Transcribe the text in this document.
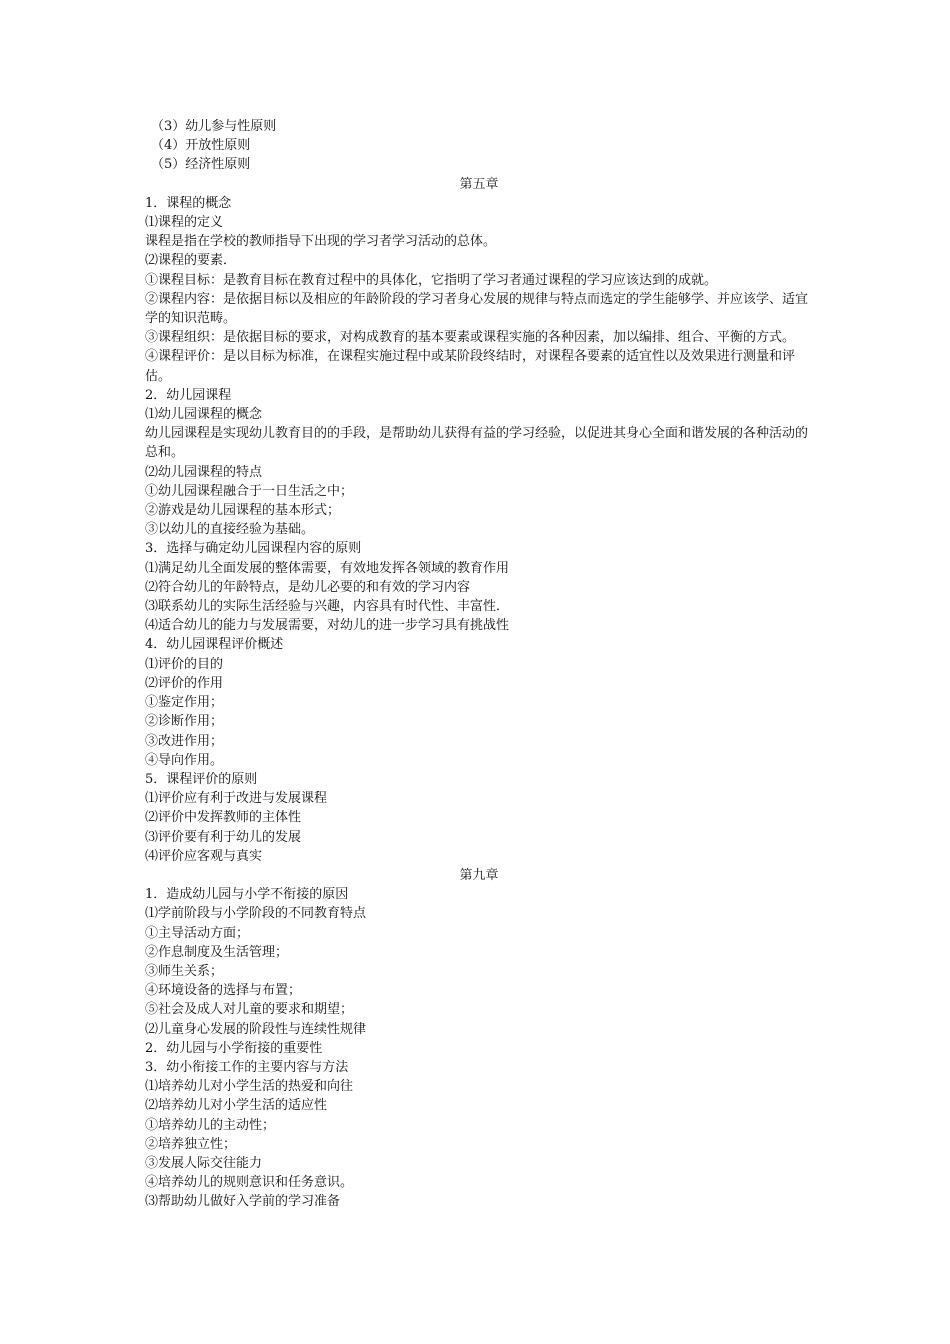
（3）幼儿参与性原则

（4）开放性原则

（5）经济性原则

第五章

1．课程的概念

⑴课程的定义

课程是指在学校的教师指导下出现的学习者学习活动的总体。

⑵课程的要素．

①课程目标：是教育目标在教育过程中的具体化，它指明了学习者通过课程的学习应该达到的成就。

②课程内容：是依据目标以及相应的年龄阶段的学习者身心发展的规律与特点而选定的学生能够学、并应该学、适宜学的知识范畴。

③课程组织：是依据目标的要求，对构成教育的基本要素或课程实施的各种因素，加以编排、组合、平衡的方式。

④课程评价：是以目标为标准，在课程实施过程中或某阶段终结时，对课程各要素的适宜性以及效果进行测量和评估。

2．幼儿园课程

⑴幼儿园课程的概念

幼儿园课程是实现幼儿教育目的的手段，是帮助幼儿获得有益的学习经验，以促进其身心全面和谐发展的各种活动的总和。

⑵幼儿园课程的特点

①幼儿园课程融合于一日生活之中；

②游戏是幼儿园课程的基本形式；

③以幼儿的直接经验为基础。

3．选择与确定幼儿园课程内容的原则

⑴满足幼儿全面发展的整体需要，有效地发挥各领域的教育作用

⑵符合幼儿的年龄特点，是幼儿必要的和有效的学习内容

⑶联系幼儿的实际生活经验与兴趣，内容具有时代性、丰富性．

⑷适合幼儿的能力与发展需要，对幼儿的进一步学习具有挑战性

4．幼儿园课程评价概述

⑴评价的目的

⑵评价的作用

①鉴定作用；

②诊断作用；

③改进作用；

④导向作用。

5．课程评价的原则

⑴评价应有利于改进与发展课程

⑵评价中发挥教师的主体性

⑶评价要有利于幼儿的发展

⑷评价应客观与真实

第九章

1．造成幼儿园与小学不衔接的原因

⑴学前阶段与小学阶段的不同教育特点

①主导活动方面；

②作息制度及生活管理；

③师生关系；

④环境设备的选择与布置；

⑤社会及成人对儿童的要求和期望；

⑵儿童身心发展的阶段性与连续性规律

2．幼儿园与小学衔接的重要性

3．幼小衔接工作的主要内容与方法

⑴培养幼儿对小学生活的热爱和向往

⑵培养幼儿对小学生活的适应性

①培养幼儿的主动性；

②培养独立性；

③发展人际交往能力

④培养幼儿的规则意识和任务意识。

⑶帮助幼儿做好入学前的学习准备
